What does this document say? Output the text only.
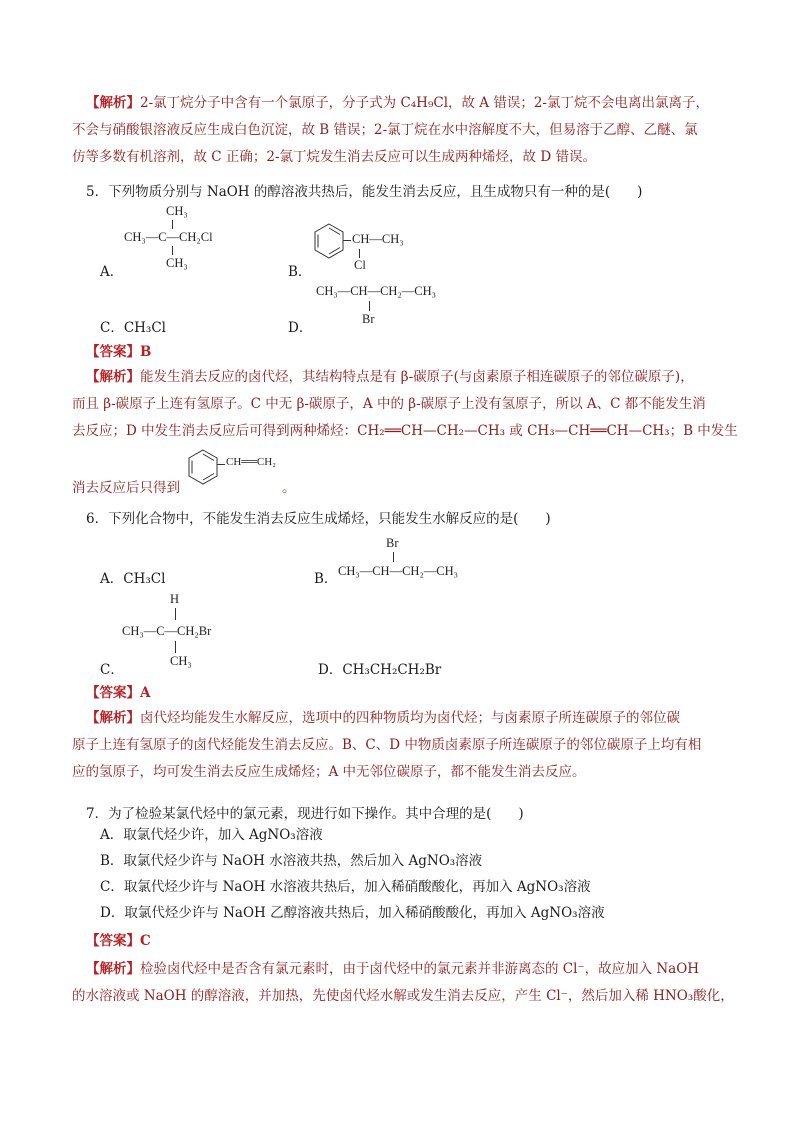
【解析】2-氯丁烷分子中含有一个氯原子，分子式为 C₄H₉Cl，故 A 错误；2-氯丁烷不会电离出氯离子，
不会与硝酸银溶液反应生成白色沉淀，故 B 错误；2-氯丁烷在水中溶解度不大，但易溶于乙醇、乙醚、氯
仿等多数有机溶剂，故 C 正确；2-氯丁烷发生消去反应可以生成两种烯烃，故 D 错误。
5．下列物质分别与 NaOH 的醇溶液共热后，能发生消去反应，且生成物只有一种的是(　　)
CH₃
CH₃—C—CH₂Cl
CH₃
A．	B．
CH—CH₃
Cl
CH₃—CH—CH₂—CH₃
Br
C．CH₃Cl	D．
【答案】B
【解析】能发生消去反应的卤代烃，其结构特点是有 β-碳原子(与卤素原子相连碳原子的邻位碳原子)，
而且 β-碳原子上连有氢原子。C 中无 β-碳原子，A 中的 β-碳原子上没有氢原子，所以 A、C 都不能发生消
去反应；D 中发生消去反应后可得到两种烯烃：CH₂══CH—CH₂—CH₃ 或 CH₃—CH══CH—CH₃；B 中发生
消去反应后只得到
CH══CH₂
。
6．下列化合物中，不能发生消去反应生成烯烃，只能发生水解反应的是(　　)
A．CH₃Cl	B．
Br
CH₃—CH—CH₂—CH₃
H
CH₃—C—CH₂Br
CH₃
C．	D．CH₃CH₂CH₂Br
【答案】A
【解析】卤代烃均能发生水解反应，选项中的四种物质均为卤代烃；与卤素原子所连碳原子的邻位碳
原子上连有氢原子的卤代烃能发生消去反应。B、C、D 中物质卤素原子所连碳原子的邻位碳原子上均有相
应的氢原子，均可发生消去反应生成烯烃；A 中无邻位碳原子，都不能发生消去反应。
7．为了检验某氯代烃中的氯元素，现进行如下操作。其中合理的是(　　)
A．取氯代烃少许，加入 AgNO₃溶液
B．取氯代烃少许与 NaOH 水溶液共热，然后加入 AgNO₃溶液
C．取氯代烃少许与 NaOH 水溶液共热后，加入稀硝酸酸化，再加入 AgNO₃溶液
D．取氯代烃少许与 NaOH 乙醇溶液共热后，加入稀硝酸酸化，再加入 AgNO₃溶液
【答案】C
【解析】检验卤代烃中是否含有氯元素时，由于卤代烃中的氯元素并非游离态的 Cl⁻，故应加入 NaOH
的水溶液或 NaOH 的醇溶液，并加热，先使卤代烃水解或发生消去反应，产生 Cl⁻，然后加入稀 HNO₃酸化，
